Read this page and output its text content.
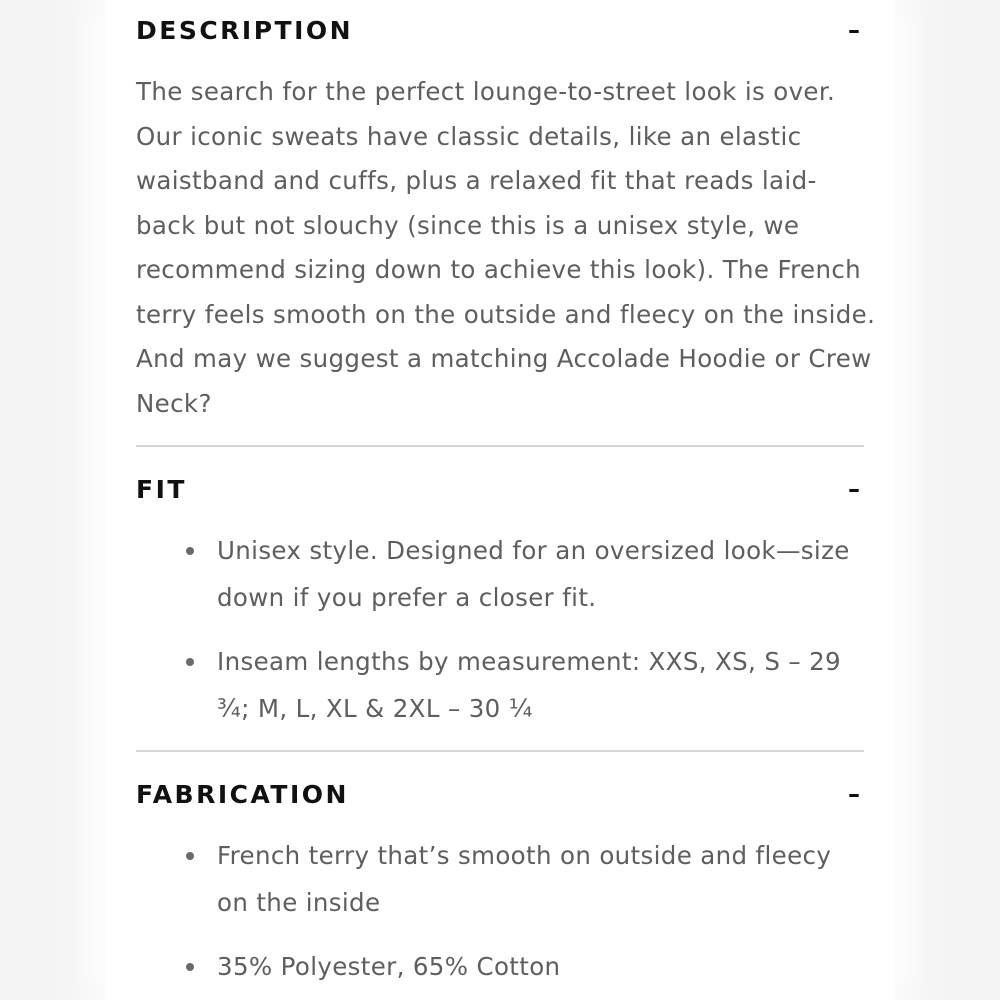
DESCRIPTION	–
The search for the perfect lounge-to-street look is over. Our iconic sweats have classic details, like an elastic waistband and cuffs, plus a relaxed fit that reads laid-back but not slouchy (since this is a unisex style, we recommend sizing down to achieve this look). The French terry feels smooth on the outside and fleecy on the inside. And may we suggest a matching Accolade Hoodie or Crew Neck?
FIT	–
Unisex style. Designed for an oversized look—size down if you prefer a closer fit.
Inseam lengths by measurement: XXS, XS, S – 29 ¾; M, L, XL & 2XL – 30 ¼
FABRICATION	–
French terry that’s smooth on outside and fleecy on the inside
35% Polyester, 65% Cotton
